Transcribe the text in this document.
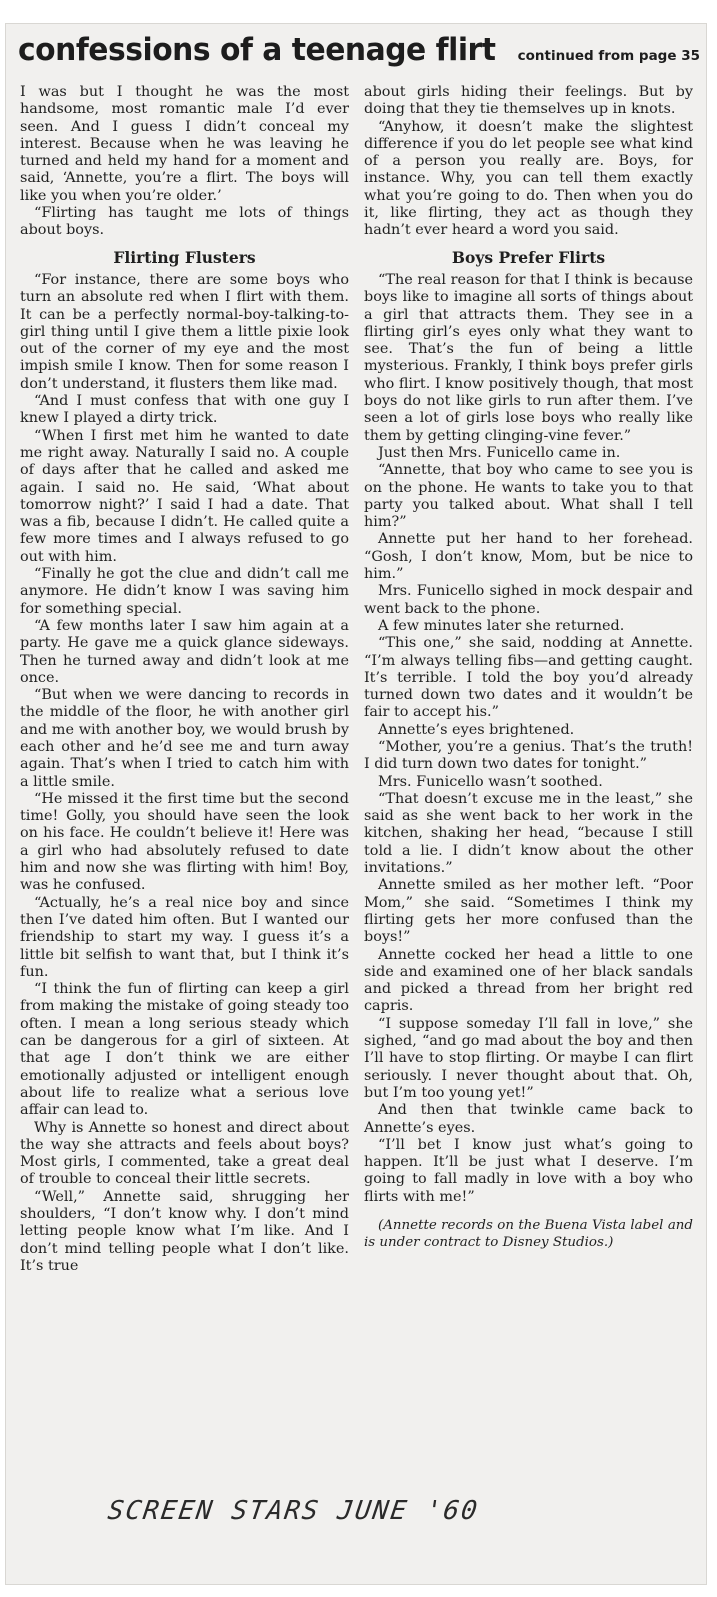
confessions of a teenage flirt continued from page 35

I was but I thought he was the most handsome, most romantic male I’d ever seen. And I guess I didn’t conceal my interest. Because when he was leaving he turned and held my hand for a moment and said, ‘Annette, you’re a flirt. The boys will like you when you’re older.’

“Flirting has taught me lots of things about boys.

Flirting Flusters

“For instance, there are some boys who turn an absolute red when I flirt with them. It can be a perfectly normal-boy-talking-to-girl thing until I give them a little pixie look out of the corner of my eye and the most impish smile I know. Then for some reason I don’t understand, it flusters them like mad.

“And I must confess that with one guy I knew I played a dirty trick.

“When I first met him he wanted to date me right away. Naturally I said no. A couple of days after that he called and asked me again. I said no. He said, ‘What about tomorrow night?’ I said I had a date. That was a fib, because I didn’t. He called quite a few more times and I always refused to go out with him.

“Finally he got the clue and didn’t call me anymore. He didn’t know I was saving him for something special.

“A few months later I saw him again at a party. He gave me a quick glance sideways. Then he turned away and didn’t look at me once.

“But when we were dancing to records in the middle of the floor, he with another girl and me with another boy, we would brush by each other and he’d see me and turn away again. That’s when I tried to catch him with a little smile.

“He missed it the first time but the second time! Golly, you should have seen the look on his face. He couldn’t believe it! Here was a girl who had absolutely refused to date him and now she was flirting with him! Boy, was he confused.

“Actually, he’s a real nice boy and since then I’ve dated him often. But I wanted our friendship to start my way. I guess it’s a little bit selfish to want that, but I think it’s fun.

“I think the fun of flirting can keep a girl from making the mistake of going steady too often. I mean a long serious steady which can be dangerous for a girl of sixteen. At that age I don’t think we are either emotionally adjusted or intelligent enough about life to realize what a serious love affair can lead to.

Why is Annette so honest and direct about the way she attracts and feels about boys? Most girls, I commented, take a great deal of trouble to conceal their little secrets.

“Well,” Annette said, shrugging her shoulders, “I don’t know why. I don’t mind letting people know what I’m like. And I don’t mind telling people what I don’t like. It’s true

about girls hiding their feelings. But by doing that they tie themselves up in knots.

“Anyhow, it doesn’t make the slightest difference if you do let people see what kind of a person you really are. Boys, for instance. Why, you can tell them exactly what you’re going to do. Then when you do it, like flirting, they act as though they hadn’t ever heard a word you said.

Boys Prefer Flirts

“The real reason for that I think is because boys like to imagine all sorts of things about a girl that attracts them. They see in a flirting girl’s eyes only what they want to see. That’s the fun of being a little mysterious. Frankly, I think boys prefer girls who flirt. I know positively though, that most boys do not like girls to run after them. I’ve seen a lot of girls lose boys who really like them by getting clinging-vine fever.”

Just then Mrs. Funicello came in.

“Annette, that boy who came to see you is on the phone. He wants to take you to that party you talked about. What shall I tell him?”

Annette put her hand to her forehead. “Gosh, I don’t know, Mom, but be nice to him.”

Mrs. Funicello sighed in mock despair and went back to the phone.

A few minutes later she returned.

“This one,” she said, nodding at Annette. “I’m always telling fibs—and getting caught. It’s terrible. I told the boy you’d already turned down two dates and it wouldn’t be fair to accept his.”

Annette’s eyes brightened.

“Mother, you’re a genius. That’s the truth! I did turn down two dates for tonight.”

Mrs. Funicello wasn’t soothed.

“That doesn’t excuse me in the least,” she said as she went back to her work in the kitchen, shaking her head, “because I still told a lie. I didn’t know about the other invitations.”

Annette smiled as her mother left. “Poor Mom,” she said. “Sometimes I think my flirting gets her more confused than the boys!”

Annette cocked her head a little to one side and examined one of her black sandals and picked a thread from her bright red capris.

“I suppose someday I’ll fall in love,” she sighed, “and go mad about the boy and then I’ll have to stop flirting. Or maybe I can flirt seriously. I never thought about that. Oh, but I’m too young yet!”

And then that twinkle came back to Annette’s eyes.

“I’ll bet I know just what’s going to happen. It’ll be just what I deserve. I’m going to fall madly in love with a boy who flirts with me!”

(Annette records on the Buena Vista label and is under contract to Disney Studios.)

SCREEN STARS JUNE '60
